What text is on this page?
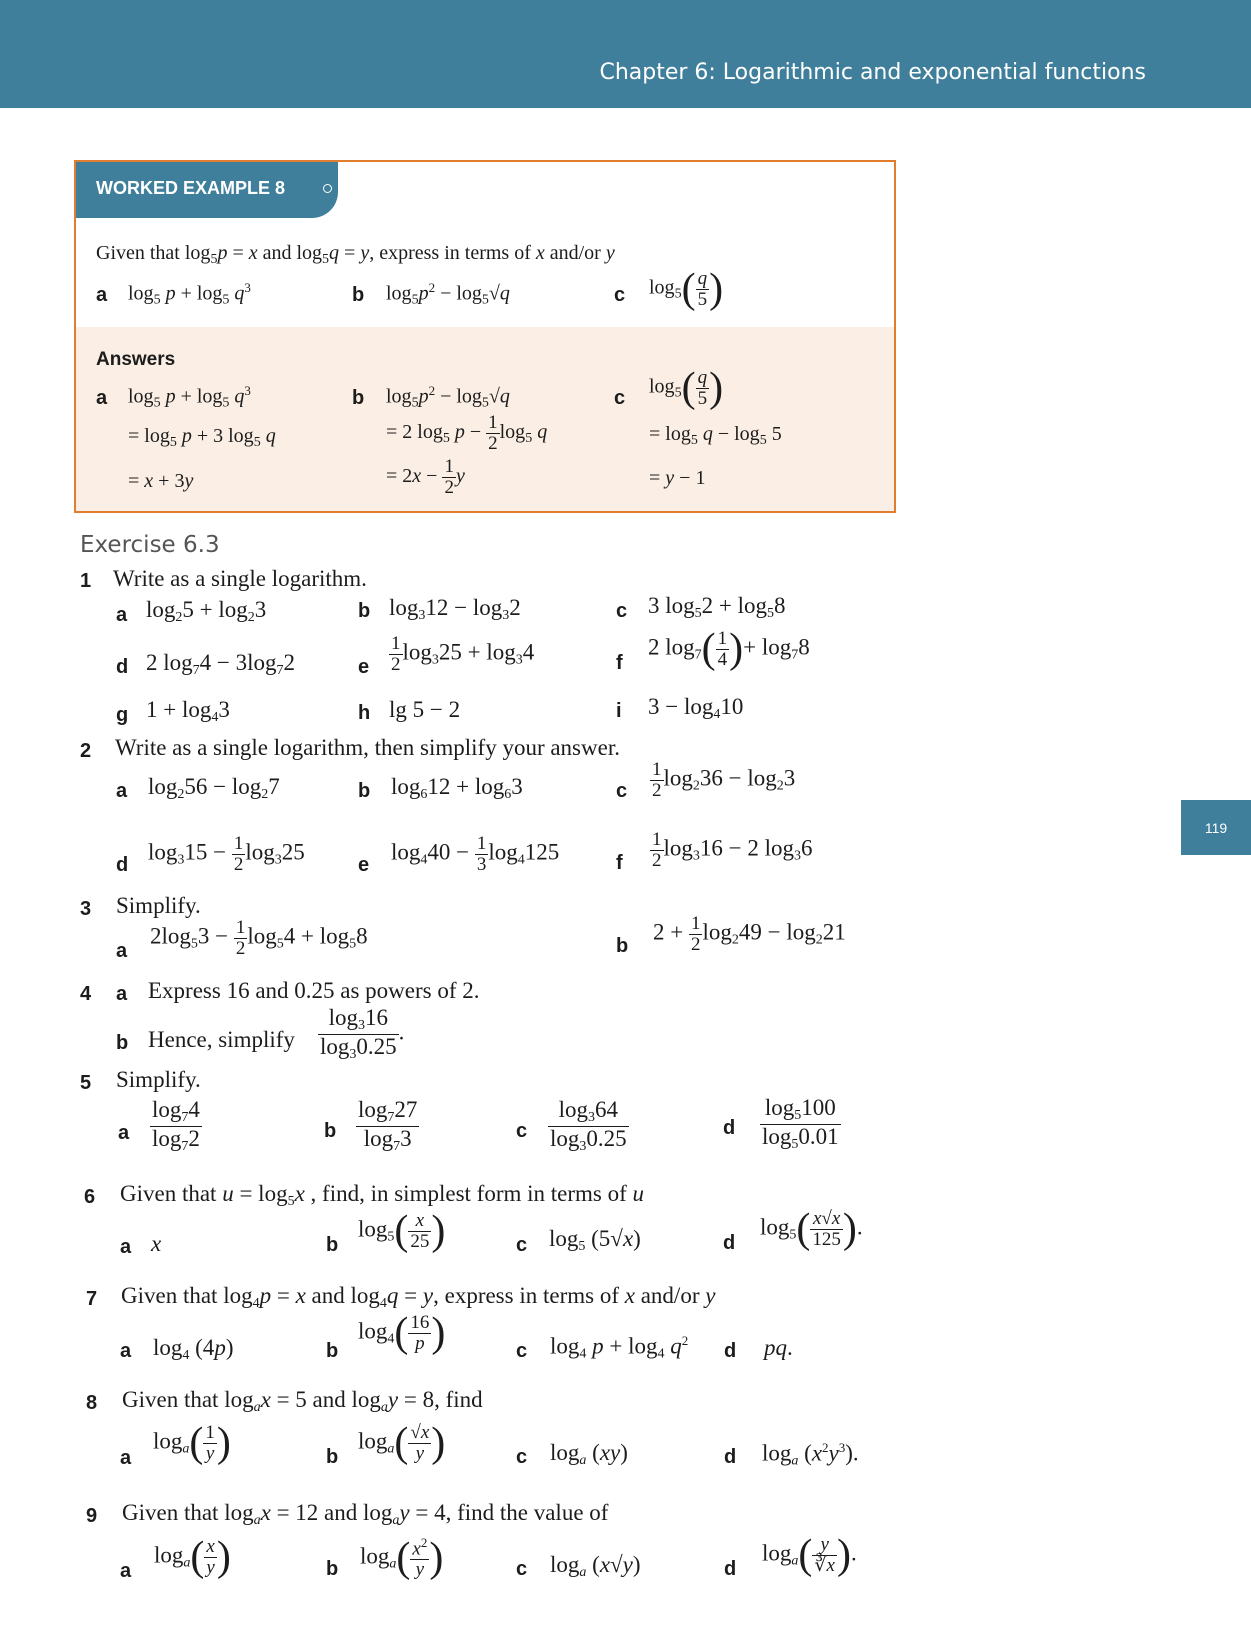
Chapter 6: Logarithmic and exponential functions
119
WORKED EXAMPLE 8
Given that $\log_5p = x$ and $\log_5q = y$, express in terms of x and/or y
a $\log_5 p + \log_5 q^3$	b $\log_5p^2 - \log_5√q$	c $\log_5( \frac{q}{5}$ )
Answers
a $\log_5 p + \log_5 q^3$
= $\log_5 p + 3$ $\log_5 q$
= x + 3y
b $\log_5p^2 - \log_5√q$
= 2 $\log_5 p - \frac{1}{2} \log_5 q$
= $2x - \frac{1}{2}$ y
c
$\log_5( \frac{q}{5}$ )
= $\log_5 q - \log_5 5$
= y − 1
Exercise 6.3
1 Write as a single logarithm.
a $\log_25 + \log_23$	b $\log_312 - \log_32$	c 3 $\log_52 + \log_58$
d 2 $\log_74 - 3\log_72$	e $\frac{1}{2} \log_325 + \log_34$	f
2 $\log_7( \frac{1}{4}$ )+ $\log_78$
g $1 + \log_43$	h lg 5 − 2	i $3 - \log_410$
2 Write as a single logarithm, then simplify your answer.
a $\log_256 - \log_27$	b $\log_612 + \log_63$	c $\frac{1}{2} \log_236 - \log_23$
d
$\log_315 - \frac{1}{2} \log_325$
e
$\log_440 - \frac{1}{3} \log_4125$	f $\frac{1}{2} \log_316 - 2$ $\log_36$
3 Simplify.
a
$2\log_53 - \frac{1}{2} \log_54 + \log_58$	b
$2 + \frac{1}{2} \log_249 - \log_221$
4 a Express 16 and 0.25 as powers of 2.
b Hence, simplify $\frac{\log_316}{\log_30.25}$ .
5 Simplify.
a $\frac{\log_74}{\log_72}$	b $\frac{\log_727}{\log_73}$	c $\frac{\log_364}{\log_30.25}$	d $\frac{\log_5100}{\log_50.01}$
6 Given that $u = \log_5x$ , find, in simplest form in terms of u
a x	b
$\log_5( \frac{x}{25}$ )	c $\log_5 (5√x)$	d
$\log_5( \frac{x√x}{125}$ ).
7 Given that $\log_4p = x$ and $\log_4q = y$, express in terms of x and/or y
a $\log_4 (4p)$	b
$\log_4( \frac{16}{p}$ )	c $\log_4 p + \log_4 q^2$ d pq.
8 Given that $\log_ax = 5$ and $\log_ay = 8$, find
a
$\log_a( \frac{1}{y}$ )	b
$\log_a( \frac{√x}{y}$ )	c $\log_a (xy)$	d $\log_a (x^2y^3)$.
9 Given that $\log_ax = 12$ and $\log_ay = 4$, find the value of
a
$\log_a( \frac{x}{y}$ )	b
$\log_a( \frac{x^2}{y}$ )	c $\log_a (x√y)$	d
$\log_a( \frac{y}{∛x}$ ).
